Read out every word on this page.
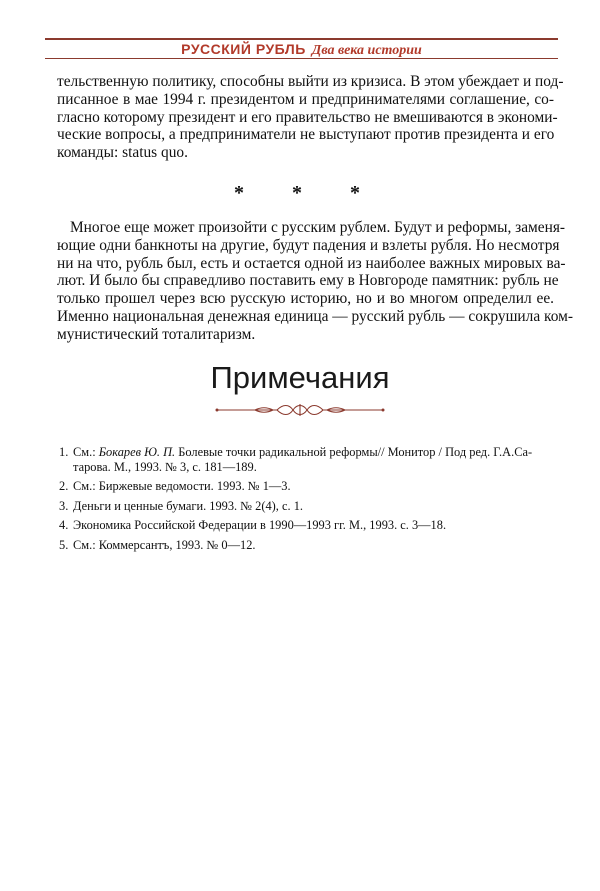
РУССКИЙ РУБЛЬ Два века истории
тельственную политику, способны выйти из кризиса. В этом убеждает и под-
писанное в мае 1994 г. президентом и предпринимателями соглашение, со-
гласно которому президент и его правительство не вмешиваются в экономи-
ческие вопросы, а предприниматели не выступают против президента и его
команды: status quo.
* * *
Многое еще может произойти с русским рублем. Будут и реформы, заменя-
ющие одни банкноты на другие, будут падения и взлеты рубля. Но несмотря
ни на что, рубль был, есть и остается одной из наиболее важных мировых ва-
лют. И было бы справедливо поставить ему в Новгороде памятник: рубль не
только прошел через всю русскую историю, но и во многом определил ее.
Именно национальная денежная единица — русский рубль — сокрушила ком-
мунистический тоталитаризм.
Примечания
1. См.: Бокарев Ю. П. Болевые точки радикальной реформы// Монитор / Под ред. Г.А.Са-
тарова. М., 1993. № 3, с. 181—189.
2. См.: Биржевые ведомости. 1993. № 1—3.
3. Деньги и ценные бумаги. 1993. № 2(4), с. 1.
4. Экономика Российской Федерации в 1990—1993 гг. М., 1993. с. 3—18.
5. См.: Коммерсантъ, 1993. № 0—12.
